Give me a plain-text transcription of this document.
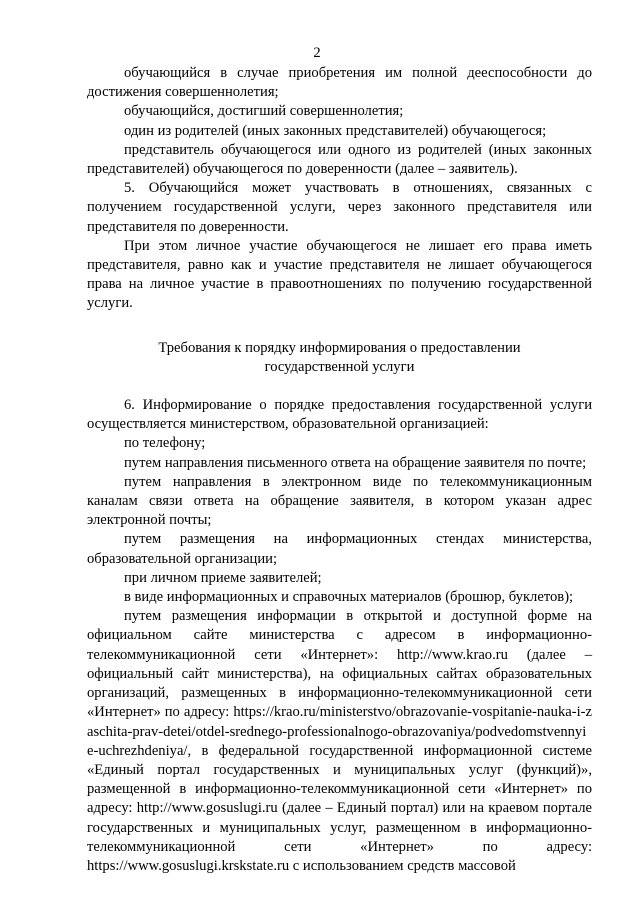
2

обучающийся в случае приобретения им полной дееспособности до достижения совершеннолетия;

обучающийся, достигший совершеннолетия;

один из родителей (иных законных представителей) обучающегося;

представитель обучающегося или одного из родителей (иных законных представителей) обучающегося по доверенности (далее – заявитель).

5. Обучающийся может участвовать в отношениях, связанных с получением государственной услуги, через законного представителя или представителя по доверенности.

При этом личное участие обучающегося не лишает его права иметь представителя, равно как и участие представителя не лишает обучающегося права на личное участие в правоотношениях по получению государственной услуги.

Требования к порядку информирования о предоставлении государственной услуги

6. Информирование о порядке предоставления государственной услуги осуществляется министерством, образовательной организацией:

по телефону;

путем направления письменного ответа на обращение заявителя по почте;

путем направления в электронном виде по телекоммуникационным каналам связи ответа на обращение заявителя, в котором указан адрес электронной почты;

путем размещения на информационных стендах министерства, образовательной организации;

при личном приеме заявителей;

в виде информационных и справочных материалов (брошюр, буклетов);

путем размещения информации в открытой и доступной форме на официальном сайте министерства с адресом в информационно-телекоммуникационной сети «Интернет»: http://www.krao.ru (далее – официальный сайт министерства), на официальных сайтах образовательных организаций, размещенных в информационно-телекоммуникационной сети «Интернет» по адресу: https://krao.ru/ministerstvo/obrazovanie-vospitanie-nauka-i-zaschita-prav-detei/otdel-srednego-professionalnogo-obrazovaniya/podvedomstvennyie-uchrezhdeniya/, в федеральной государственной информационной системе «Единый портал государственных и муниципальных услуг (функций)», размещенной в информационно-телекоммуникационной сети «Интернет» по адресу: http://www.gosuslugi.ru (далее – Единый портал) или на краевом портале государственных и муниципальных услуг, размещенном в информационно-телекоммуникационной сети «Интернет» по адресу: https://www.gosuslugi.krskstate.ru с использованием средств массовой
